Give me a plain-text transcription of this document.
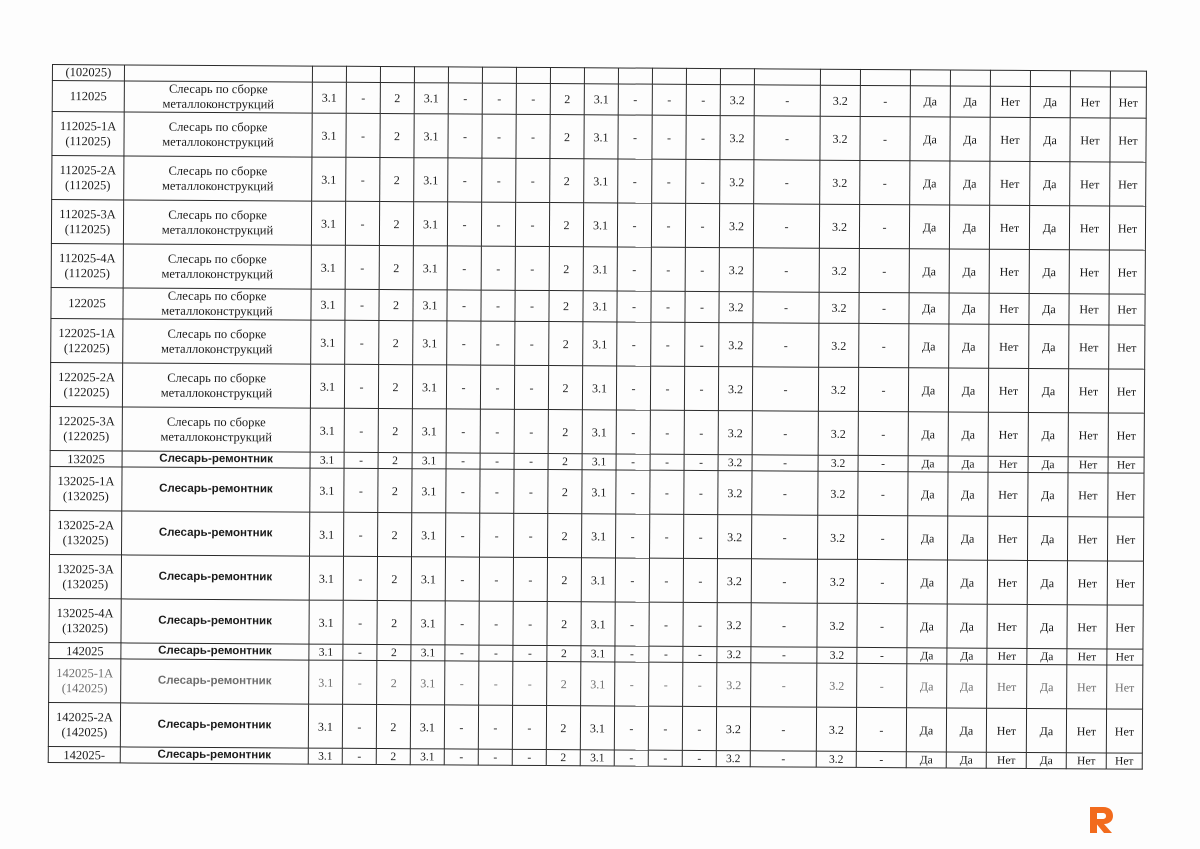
(102025)																							
112025	Слесарь по сборке металлоконструкций	3.1	-	2	3.1	-	-	-	2	3.1	-	-	-	3.2	-	3.2	-	Да	Да	Нет	Да	Нет	Нет
112025-1А (112025)	Слесарь по сборке металлоконструкций	3.1	-	2	3.1	-	-	-	2	3.1	-	-	-	3.2	-	3.2	-	Да	Да	Нет	Да	Нет	Нет
112025-2А (112025)	Слесарь по сборке металлоконструкций	3.1	-	2	3.1	-	-	-	2	3.1	-	-	-	3.2	-	3.2	-	Да	Да	Нет	Да	Нет	Нет
112025-3А (112025)	Слесарь по сборке металлоконструкций	3.1	-	2	3.1	-	-	-	2	3.1	-	-	-	3.2	-	3.2	-	Да	Да	Нет	Да	Нет	Нет
112025-4А (112025)	Слесарь по сборке металлоконструкций	3.1	-	2	3.1	-	-	-	2	3.1	-	-	-	3.2	-	3.2	-	Да	Да	Нет	Да	Нет	Нет
122025	Слесарь по сборке металлоконструкций	3.1	-	2	3.1	-	-	-	2	3.1	-	-	-	3.2	-	3.2	-	Да	Да	Нет	Да	Нет	Нет
122025-1А (122025)	Слесарь по сборке металлоконструкций	3.1	-	2	3.1	-	-	-	2	3.1	-	-	-	3.2	-	3.2	-	Да	Да	Нет	Да	Нет	Нет
122025-2А (122025)	Слесарь по сборке металлоконструкций	3.1	-	2	3.1	-	-	-	2	3.1	-	-	-	3.2	-	3.2	-	Да	Да	Нет	Да	Нет	Нет
122025-3А (122025)	Слесарь по сборке металлоконструкций	3.1	-	2	3.1	-	-	-	2	3.1	-	-	-	3.2	-	3.2	-	Да	Да	Нет	Да	Нет	Нет
132025	Слесарь-ремонтник	3.1	-	2	3.1	-	-	-	2	3.1	-	-	-	3.2	-	3.2	-	Да	Да	Нет	Да	Нет	Нет
132025-1А (132025)	Слесарь-ремонтник	3.1	-	2	3.1	-	-	-	2	3.1	-	-	-	3.2	-	3.2	-	Да	Да	Нет	Да	Нет	Нет
132025-2А (132025)	Слесарь-ремонтник	3.1	-	2	3.1	-	-	-	2	3.1	-	-	-	3.2	-	3.2	-	Да	Да	Нет	Да	Нет	Нет
132025-3А (132025)	Слесарь-ремонтник	3.1	-	2	3.1	-	-	-	2	3.1	-	-	-	3.2	-	3.2	-	Да	Да	Нет	Да	Нет	Нет
132025-4А (132025)	Слесарь-ремонтник	3.1	-	2	3.1	-	-	-	2	3.1	-	-	-	3.2	-	3.2	-	Да	Да	Нет	Да	Нет	Нет
142025	Слесарь-ремонтник	3.1	-	2	3.1	-	-	-	2	3.1	-	-	-	3.2	-	3.2	-	Да	Да	Нет	Да	Нет	Нет
142025-1А (142025)	Слесарь-ремонтник	3.1	-	2	3.1	-	-	-	2	3.1	-	-	-	3.2	-	3.2	-	Да	Да	Нет	Да	Нет	Нет
142025-2А (142025)	Слесарь-ремонтник	3.1	-	2	3.1	-	-	-	2	3.1	-	-	-	3.2	-	3.2	-	Да	Да	Нет	Да	Нет	Нет
142025-	Слесарь-ремонтник	3.1	-	2	3.1	-	-	-	2	3.1	-	-	-	3.2	-	3.2	-	Да	Да	Нет	Да	Нет	Нет
